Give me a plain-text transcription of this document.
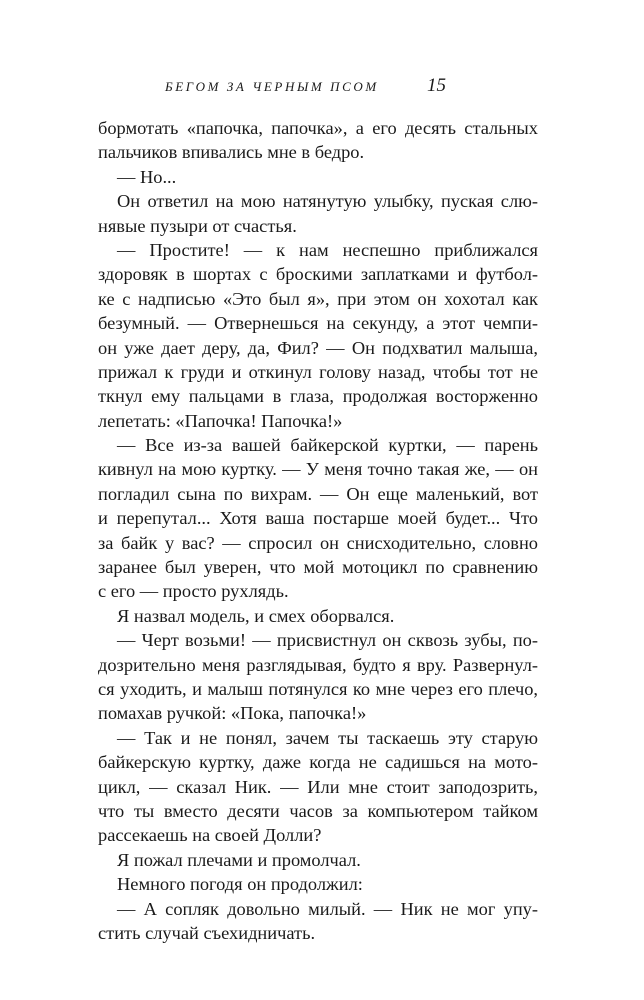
БЕГОМ ЗА ЧЕРНЫМ ПСОМ	15
бормотать «папочка, папочка», а его десять стальных
пальчиков впивались мне в бедро.
— Но...
Он ответил на мою натянутую улыбку, пуская слю-
нявые пузыри от счастья.
— Простите! — к нам неспешно приближался
здоровяк в шортах с броскими заплатками и футбол-
ке с надписью «Это был я», при этом он хохотал как
безумный. — Отвернешься на секунду, а этот чемпи-
он уже дает деру, да, Фил? — Он подхватил малыша,
прижал к груди и откинул голову назад, чтобы тот не
ткнул ему пальцами в глаза, продолжая восторженно
лепетать: «Папочка! Папочка!»
— Все из-за вашей байкерской куртки, — парень
кивнул на мою куртку. — У меня точно такая же, — он
погладил сына по вихрам. — Он еще маленький, вот
и перепутал... Хотя ваша постарше моей будет... Что
за байк у вас? — спросил он снисходительно, словно
заранее был уверен, что мой мотоцикл по сравнению
с его — просто рухлядь.
Я назвал модель, и смех оборвался.
— Черт возьми! — присвистнул он сквозь зубы, по-
дозрительно меня разглядывая, будто я вру. Развернул-
ся уходить, и малыш потянулся ко мне через его плечо,
помахав ручкой: «Пока, папочка!»
— Так и не понял, зачем ты таскаешь эту старую
байкерскую куртку, даже когда не садишься на мото-
цикл, — сказал Ник. — Или мне стоит заподозрить,
что ты вместо десяти часов за компьютером тайком
рассекаешь на своей Долли?
Я пожал плечами и промолчал.
Немного погодя он продолжил:
— А сопляк довольно милый. — Ник не мог упу-
стить случай съехидничать.
